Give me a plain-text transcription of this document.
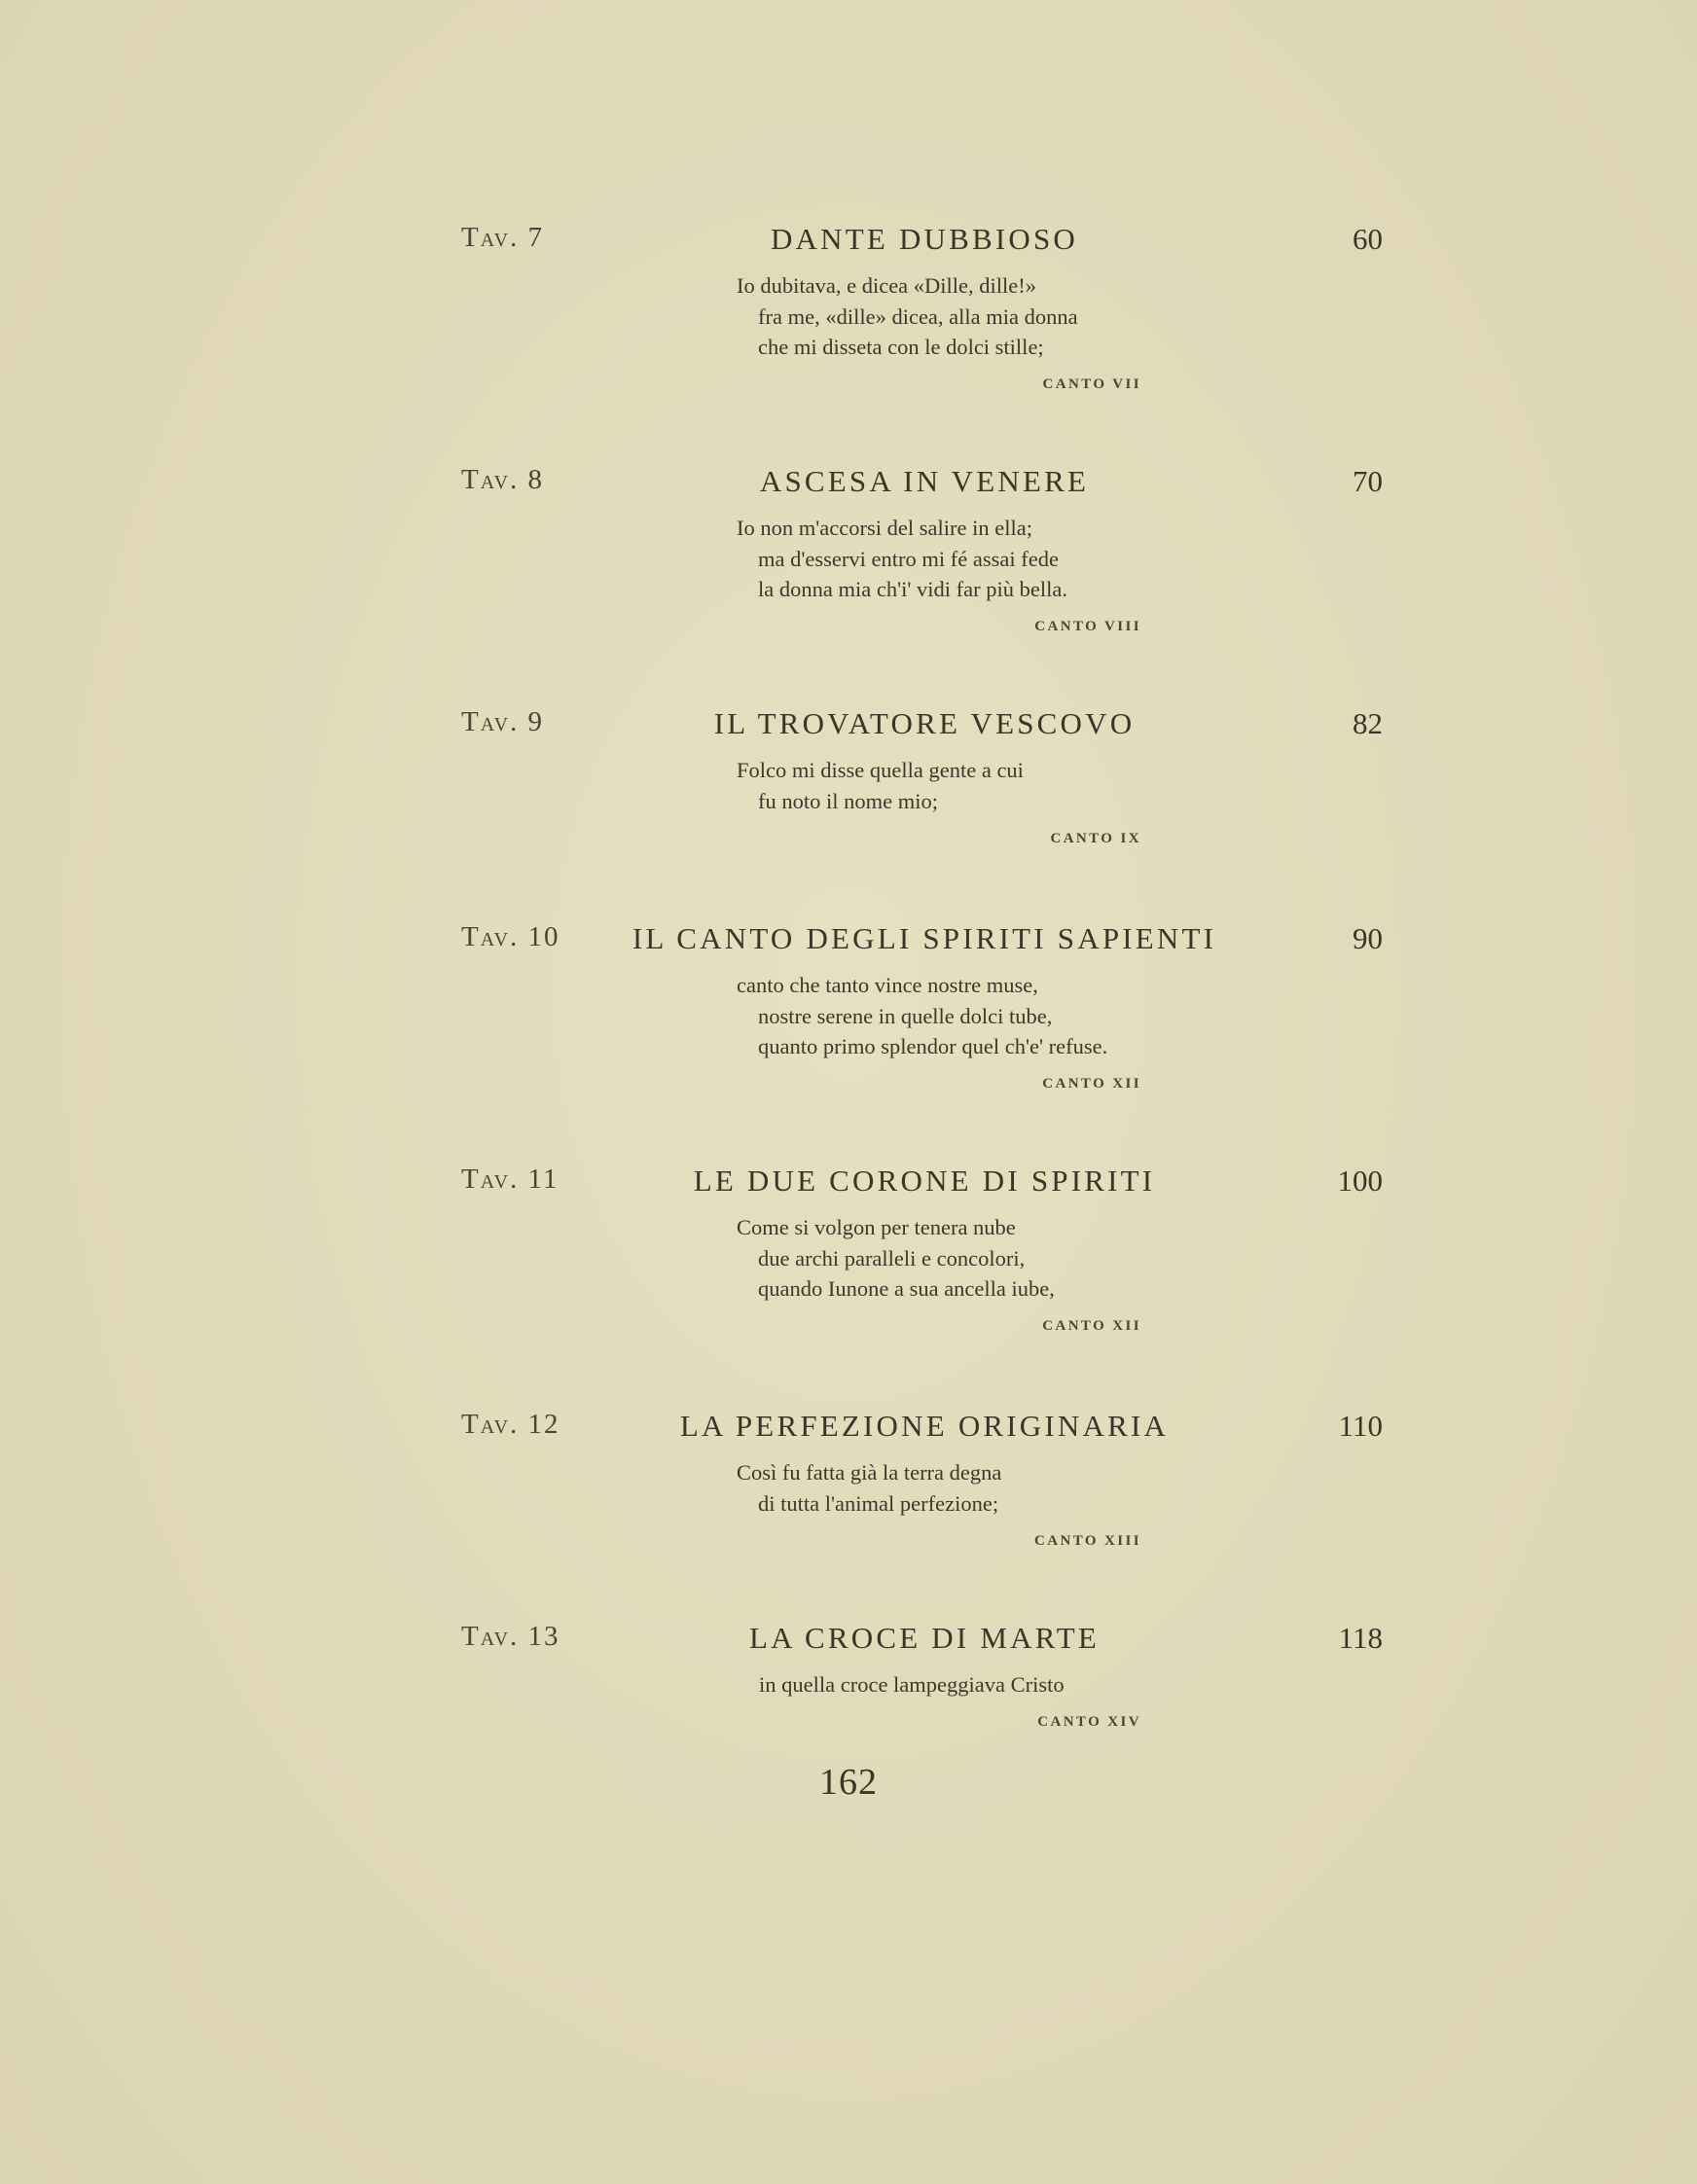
Tav. 7	DANTE DUBBIOSO	60
Io dubitava, e dicea «Dille, dille!»
fra me, «dille» dicea, alla mia donna
che mi disseta con le dolci stille;
CANTO VII
Tav. 8	ASCESA IN VENERE	70
Io non m'accorsi del salire in ella;
ma d'esservi entro mi fé assai fede
la donna mia ch'i' vidi far più bella.
CANTO VIII
Tav. 9	IL TROVATORE VESCOVO	82
Folco mi disse quella gente a cui
fu noto il nome mio;
CANTO IX
Tav. 10	IL CANTO DEGLI SPIRITI SAPIENTI	90
canto che tanto vince nostre muse,
nostre serene in quelle dolci tube,
quanto primo splendor quel ch'e' refuse.
CANTO XII
Tav. 11	LE DUE CORONE DI SPIRITI	100
Come si volgon per tenera nube
due archi paralleli e concolori,
quando Iunone a sua ancella iube,
CANTO XII
Tav. 12	LA PERFEZIONE ORIGINARIA	110
Così fu fatta già la terra degna
di tutta l'animal perfezione;
CANTO XIII
Tav. 13	LA CROCE DI MARTE	118
in quella croce lampeggiava Cristo
CANTO XIV
162
